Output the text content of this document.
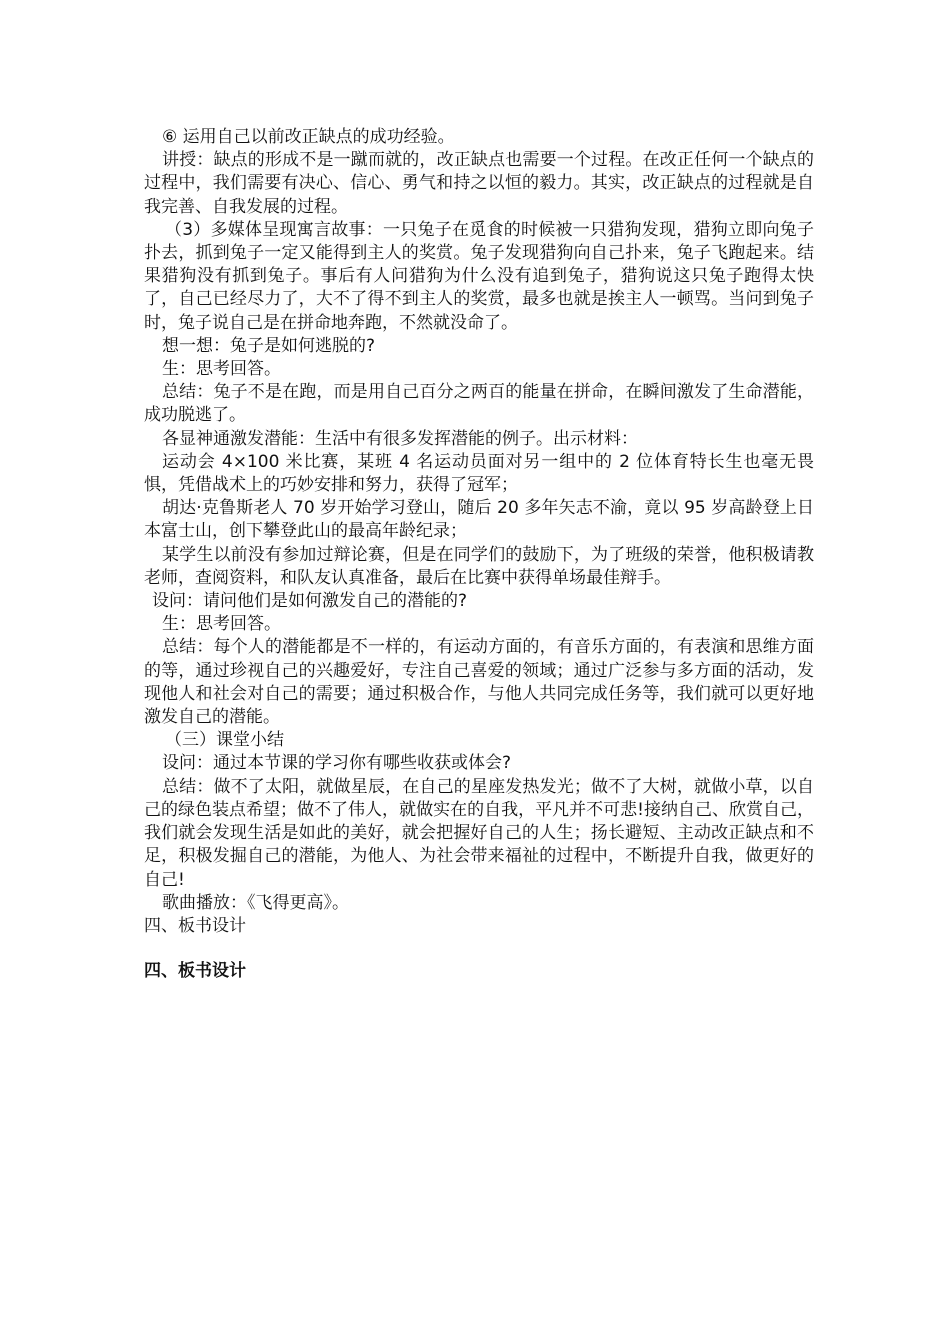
⑥ 运用自己以前改正缺点的成功经验。

讲授：缺点的形成不是一蹴而就的，改正缺点也需要一个过程。在改正任何一个缺点的过程中，我们需要有决心、信心、勇气和持之以恒的毅力。其实，改正缺点的过程就是自我完善、自我发展的过程。

（3）多媒体呈现寓言故事：一只兔子在觅食的时候被一只猎狗发现，猎狗立即向兔子扑去，抓到兔子一定又能得到主人的奖赏。兔子发现猎狗向自己扑来，兔子飞跑起来。结果猎狗没有抓到兔子。事后有人问猎狗为什么没有追到兔子，猎狗说这只兔子跑得太快了，自己已经尽力了，大不了得不到主人的奖赏，最多也就是挨主人一顿骂。当问到兔子时，兔子说自己是在拼命地奔跑，不然就没命了。

想一想：兔子是如何逃脱的?

生：思考回答。

总结：兔子不是在跑，而是用自己百分之两百的能量在拼命，在瞬间激发了生命潜能，成功脱逃了。

各显神通激发潜能：生活中有很多发挥潜能的例子。出示材料：

运动会 4×100 米比赛，某班 4 名运动员面对另一组中的 2 位体育特长生也毫无畏惧，凭借战术上的巧妙安排和努力，获得了冠军；

胡达·克鲁斯老人 70 岁开始学习登山，随后 20 多年矢志不渝，竟以 95 岁高龄登上日本富士山，创下攀登此山的最高年龄纪录；

某学生以前没有参加过辩论赛，但是在同学们的鼓励下，为了班级的荣誉，他积极请教老师，查阅资料，和队友认真准备，最后在比赛中获得单场最佳辩手。

设问：请问他们是如何激发自己的潜能的?

生：思考回答。

总结：每个人的潜能都是不一样的，有运动方面的，有音乐方面的，有表演和思维方面的等，通过珍视自己的兴趣爱好，专注自己喜爱的领域；通过广泛参与多方面的活动，发现他人和社会对自己的需要；通过积极合作，与他人共同完成任务等，我们就可以更好地激发自己的潜能。

（三）课堂小结

设问：通过本节课的学习你有哪些收获或体会?

总结：做不了太阳，就做星辰，在自己的星座发热发光；做不了大树，就做小草，以自己的绿色装点希望；做不了伟人，就做实在的自我，平凡并不可悲!接纳自己、欣赏自己，我们就会发现生活是如此的美好，就会把握好自己的人生；扬长避短、主动改正缺点和不足，积极发掘自己的潜能，为他人、为社会带来福祉的过程中，不断提升自我，做更好的自己!

歌曲播放：《飞得更高》。

四、板书设计

四、板书设计
